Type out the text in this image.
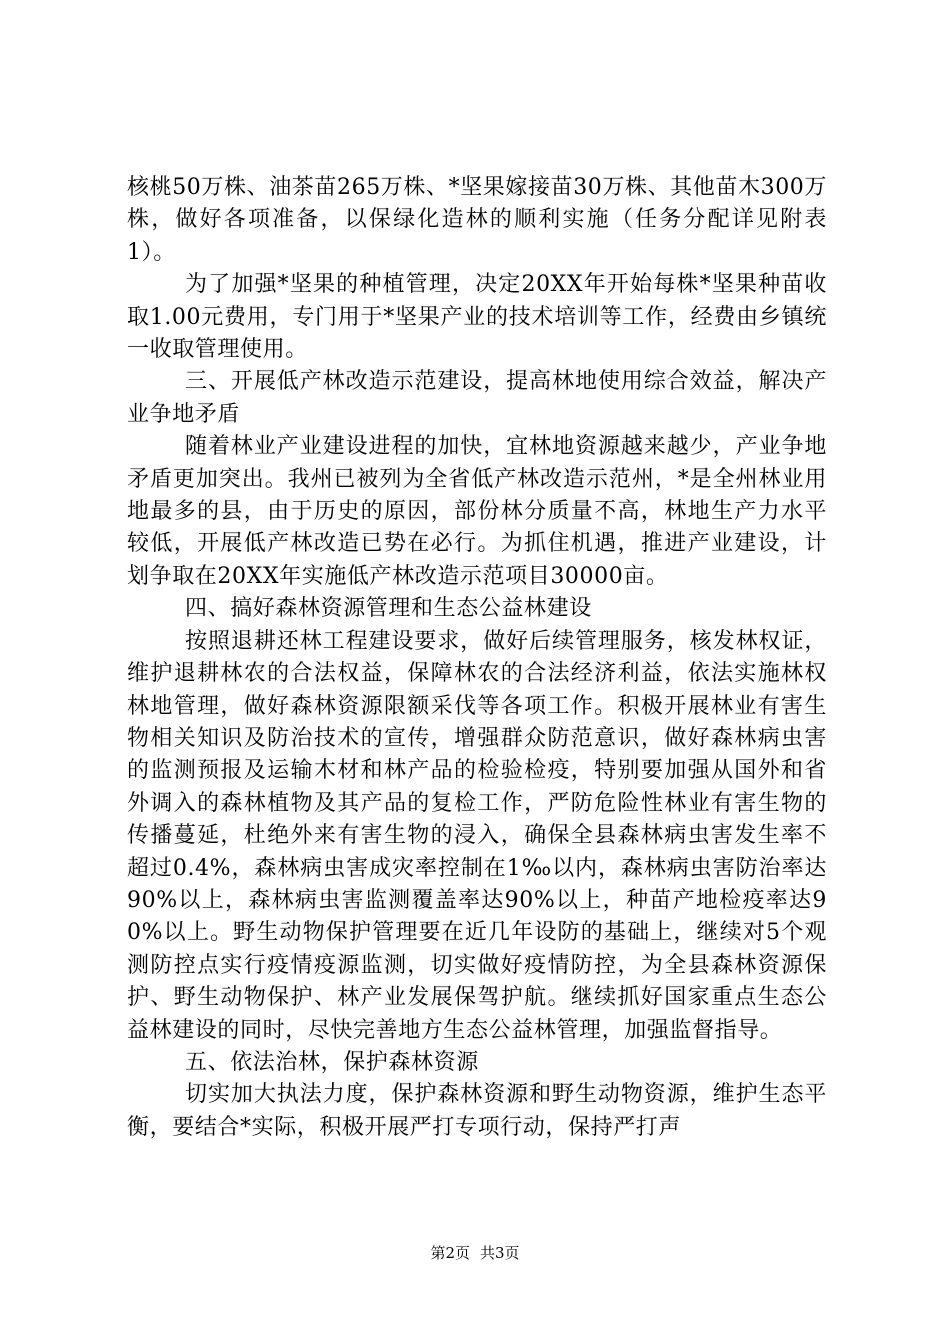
核桃50万株、油茶苗265万株、*坚果嫁接苗30万株、其他苗木300万株，做好各项准备，以保绿化造林的顺利实施（任务分配详见附表1）。

为了加强*坚果的种植管理，决定20XX年开始每株*坚果种苗收取1.00元费用，专门用于*坚果产业的技术培训等工作，经费由乡镇统一收取管理使用。

三、开展低产林改造示范建设，提高林地使用综合效益，解决产业争地矛盾

随着林业产业建设进程的加快，宜林地资源越来越少，产业争地矛盾更加突出。我州已被列为全省低产林改造示范州，*是全州林业用地最多的县，由于历史的原因，部份林分质量不高，林地生产力水平较低，开展低产林改造已势在必行。为抓住机遇，推进产业建设，计划争取在20XX年实施低产林改造示范项目30000亩。

四、搞好森林资源管理和生态公益林建设

按照退耕还林工程建设要求，做好后续管理服务，核发林权证，维护退耕林农的合法权益，保障林农的合法经济利益，依法实施林权林地管理，做好森林资源限额采伐等各项工作。积极开展林业有害生物相关知识及防治技术的宣传，增强群众防范意识，做好森林病虫害的监测预报及运输木材和林产品的检验检疫，特别要加强从国外和省外调入的森林植物及其产品的复检工作，严防危险性林业有害生物的传播蔓延，杜绝外来有害生物的浸入，确保全县森林病虫害发生率不超过0.4%，森林病虫害成灾率控制在1‰以内，森林病虫害防治率达90%以上，森林病虫害监测覆盖率达90%以上，种苗产地检疫率达90%以上。野生动物保护管理要在近几年设防的基础上，继续对5个观测防控点实行疫情疫源监测，切实做好疫情防控，为全县森林资源保护、野生动物保护、林产业发展保驾护航。继续抓好国家重点生态公益林建设的同时，尽快完善地方生态公益林管理，加强监督指导。

五、依法治林，保护森林资源

切实加大执法力度，保护森林资源和野生动物资源，维护生态平衡，要结合*实际，积极开展严打专项行动，保持严打声

第2页 共3页
